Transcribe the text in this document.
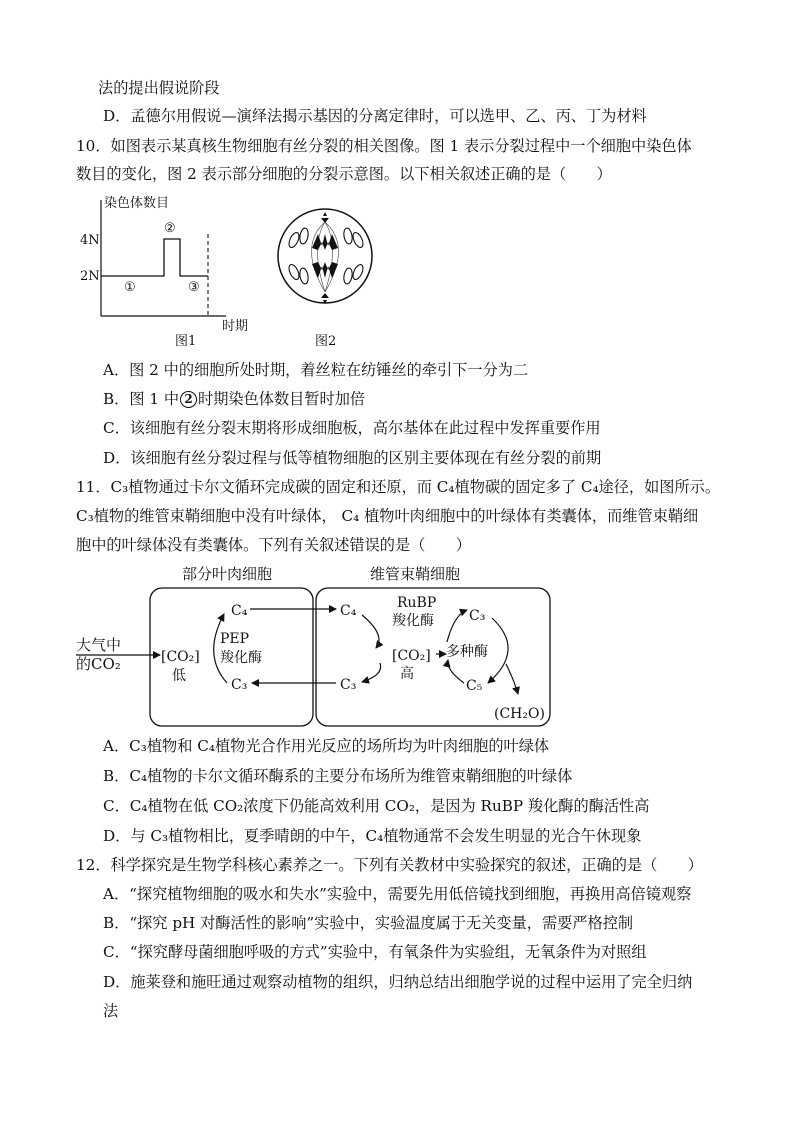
法的提出假说阶段
D．孟德尔用假说—演绎法揭示基因的分离定律时，可以选甲、乙、丙、丁为材料
10．如图表示某真核生物细胞有丝分裂的相关图像。图 1 表示分裂过程中一个细胞中染色体
数目的变化，图 2 表示部分细胞的分裂示意图。以下相关叙述正确的是（　　）
染色体数目
4N
2N
①
②
③
时期
图1	图2
A．图 2 中的细胞所处时期，着丝粒在纺锤丝的牵引下一分为二
B．图 1 中 2 时期染色体数目暂时加倍
C．该细胞有丝分裂末期将形成细胞板，高尔基体在此过程中发挥重要作用
D．该细胞有丝分裂过程与低等植物细胞的区别主要体现在有丝分裂的前期
11．C₃植物通过卡尔文循环完成碳的固定和还原，而 C₄植物碳的固定多了 C₄途径，如图所示。
C₃植物的维管束鞘细胞中没有叶绿体， C₄ 植物叶肉细胞中的叶绿体有类囊体，而维管束鞘细
胞中的叶绿体没有类囊体。下列有关叙述错误的是（　　）
部分叶肉细胞	维管束鞘细胞
大气中
的CO₂	[CO₂]
低
C₄
C₃
PEP
羧化酶
C₄
C₃
[CO₂]
高
RuBP
羧化酶	C₃
C₅
多种酶
(CH₂O)
A．C₃植物和 C₄植物光合作用光反应的场所均为叶肉细胞的叶绿体
B．C₄植物的卡尔文循环酶系的主要分布场所为维管束鞘细胞的叶绿体
C．C₄植物在低 CO₂浓度下仍能高效利用 CO₂，是因为 RuBP 羧化酶的酶活性高
D．与 C₃植物相比，夏季晴朗的中午，C₄植物通常不会发生明显的光合午休现象
12．科学探究是生物学科核心素养之一。下列有关教材中实验探究的叙述，正确的是（　　）
A．“探究植物细胞的吸水和失水”实验中，需要先用低倍镜找到细胞，再换用高倍镜观察
B．“探究 pH 对酶活性的影响”实验中，实验温度属于无关变量，需要严格控制
C．“探究酵母菌细胞呼吸的方式”实验中，有氧条件为实验组，无氧条件为对照组
D．施莱登和施旺通过观察动植物的组织，归纳总结出细胞学说的过程中运用了完全归纳
法
